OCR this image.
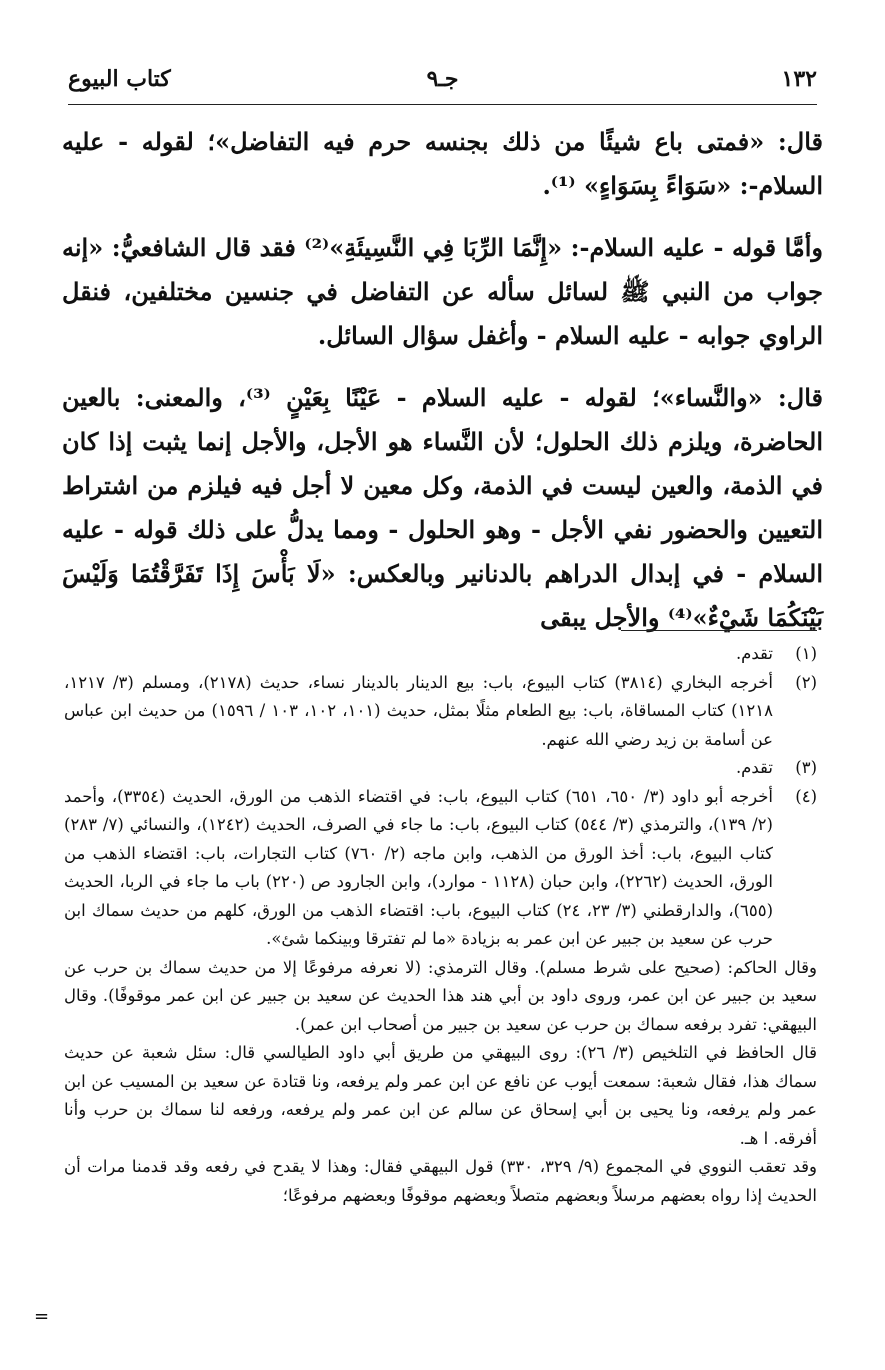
١٣٢
جـ٩
كتاب البيوع

قال: «فمتى باع شيئًا من ذلك بجنسه حرم فيه التفاضل»؛ لقوله - عليه السلام-: «سَوَاءً بِسَوَاءٍ» ⁽¹⁾.

وأمَّا قوله - عليه السلام-: «إِنَّمَا الرِّبَا فِي النَّسِيئَةِ»⁽²⁾ فقد قال الشافعيُّ: «إنه جواب من النبي ﷺ لسائل سأله عن التفاضل في جنسين مختلفين، فنقل الراوي جوابه - عليه السلام - وأغفل سؤال السائل.

قال: «والنَّساء»؛ لقوله - عليه السلام - عَيْنًا بِعَيْنٍ ⁽³⁾، والمعنى: بالعين الحاضرة، ويلزم ذلك الحلول؛ لأن النَّساء هو الأجل، والأجل إنما يثبت إذا كان في الذمة، والعين ليست في الذمة، وكل معين لا أجل فيه فيلزم من اشتراط التعيين والحضور نفي الأجل - وهو الحلول - ومما يدلُّ على ذلك قوله - عليه السلام - في إبدال الدراهم بالدنانير وبالعكس: «لَا بَأْسَ إِذَا تَفَرَّقْتُمَا وَلَيْسَ بَيْنَكُمَا شَيْءٌ»⁽⁴⁾ والأجل يبقى

(١)
تقدم.
(٢)
أخرجه البخاري (٣٨١٤) كتاب البيوع، باب: بيع الدينار بالدينار نساء، حديث (٢١٧٨)، ومسلم (٣/ ١٢١٧، ١٢١٨) كتاب المساقاة، باب: بيع الطعام مثلًا بمثل، حديث (١٠١، ١٠٢، ١٠٣ / ١٥٩٦) من حديث ابن عباس عن أسامة بن زيد رضي الله عنهم.
(٣)
تقدم.
(٤)
أخرجه أبو داود (٣/ ٦٥٠، ٦٥١) كتاب البيوع، باب: في اقتضاء الذهب من الورق، الحديث (٣٣٥٤)، وأحمد (٢/ ١٣٩)، والترمذي (٣/ ٥٤٤) كتاب البيوع، باب: ما جاء في الصرف، الحديث (١٢٤٢)، والنسائي (٧/ ٢٨٣) كتاب البيوع، باب: أخذ الورق من الذهب، وابن ماجه (٢/ ٧٦٠) كتاب التجارات، باب: اقتضاء الذهب من الورق، الحديث (٢٢٦٢)، وابن حبان (١١٢٨ - موارد)، وابن الجارود ص (٢٢٠) باب ما جاء في الربا، الحديث (٦٥٥)، والدارقطني (٣/ ٢٣، ٢٤) كتاب البيوع، باب: اقتضاء الذهب من الورق، كلهم من حديث سماك ابن حرب عن سعيد بن جبير عن ابن عمر به بزيادة «ما لم تفترقا وبينكما شئ».

وقال الحاكم: (صحيح على شرط مسلم). وقال الترمذي: (لا نعرفه مرفوعًا إلا من حديث سماك بن حرب عن سعيد بن جبير عن ابن عمر، وروى داود بن أبي هند هذا الحديث عن سعيد بن جبير عن ابن عمر موقوفًا). وقال البيهقي: تفرد برفعه سماك بن حرب عن سعيد بن جبير من أصحاب ابن عمر).

قال الحافظ في التلخيص (٣/ ٢٦): روى البيهقي من طريق أبي داود الطيالسي قال: سئل شعبة عن حديث سماك هذا، فقال شعبة: سمعت أيوب عن نافع عن ابن عمر ولم يرفعه، ونا قتادة عن سعيد بن المسيب عن ابن عمر ولم يرفعه، ونا يحيى بن أبي إسحاق عن سالم عن ابن عمر ولم يرفعه، ورفعه لنا سماك بن حرب وأنا أفرقه. ا هـ.

وقد تعقب النووي في المجموع (٩/ ٣٢٩، ٣٣٠) قول البيهقي فقال: وهذا لا يقدح في رفعه وقد قدمنا مرات أن الحديث إذا رواه بعضهم مرسلاً وبعضهم متصلاً وبعضهم موقوفًا وبعضهم مرفوعًا؛

=
